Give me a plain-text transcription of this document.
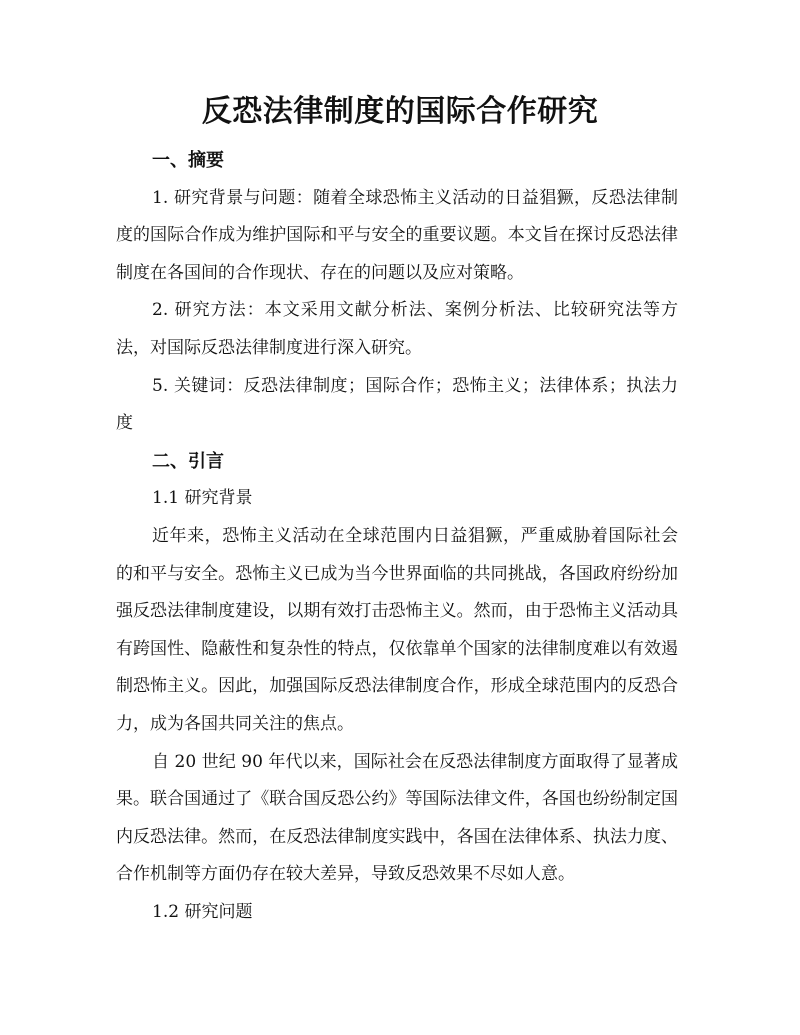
反恐法律制度的国际合作研究
一、摘要

1. 研究背景与问题：随着全球恐怖主义活动的日益猖獗，反恐法律制度的国际合作成为维护国际和平与安全的重要议题。本文旨在探讨反恐法律制度在各国间的合作现状、存在的问题以及应对策略。

2. 研究方法：本文采用文献分析法、案例分析法、比较研究法等方法，对国际反恐法律制度进行深入研究。

5. 关键词：反恐法律制度；国际合作；恐怖主义；法律体系；执法力度

二、引言
1.1 研究背景

近年来，恐怖主义活动在全球范围内日益猖獗，严重威胁着国际社会的和平与安全。恐怖主义已成为当今世界面临的共同挑战，各国政府纷纷加强反恐法律制度建设，以期有效打击恐怖主义。然而，由于恐怖主义活动具有跨国性、隐蔽性和复杂性的特点，仅依靠单个国家的法律制度难以有效遏制恐怖主义。因此，加强国际反恐法律制度合作，形成全球范围内的反恐合力，成为各国共同关注的焦点。

自 20 世纪 90 年代以来，国际社会在反恐法律制度方面取得了显著成果。联合国通过了《联合国反恐公约》等国际法律文件，各国也纷纷制定国内反恐法律。然而，在反恐法律制度实践中，各国在法律体系、执法力度、合作机制等方面仍存在较大差异，导致反恐效果不尽如人意。

1.2 研究问题
